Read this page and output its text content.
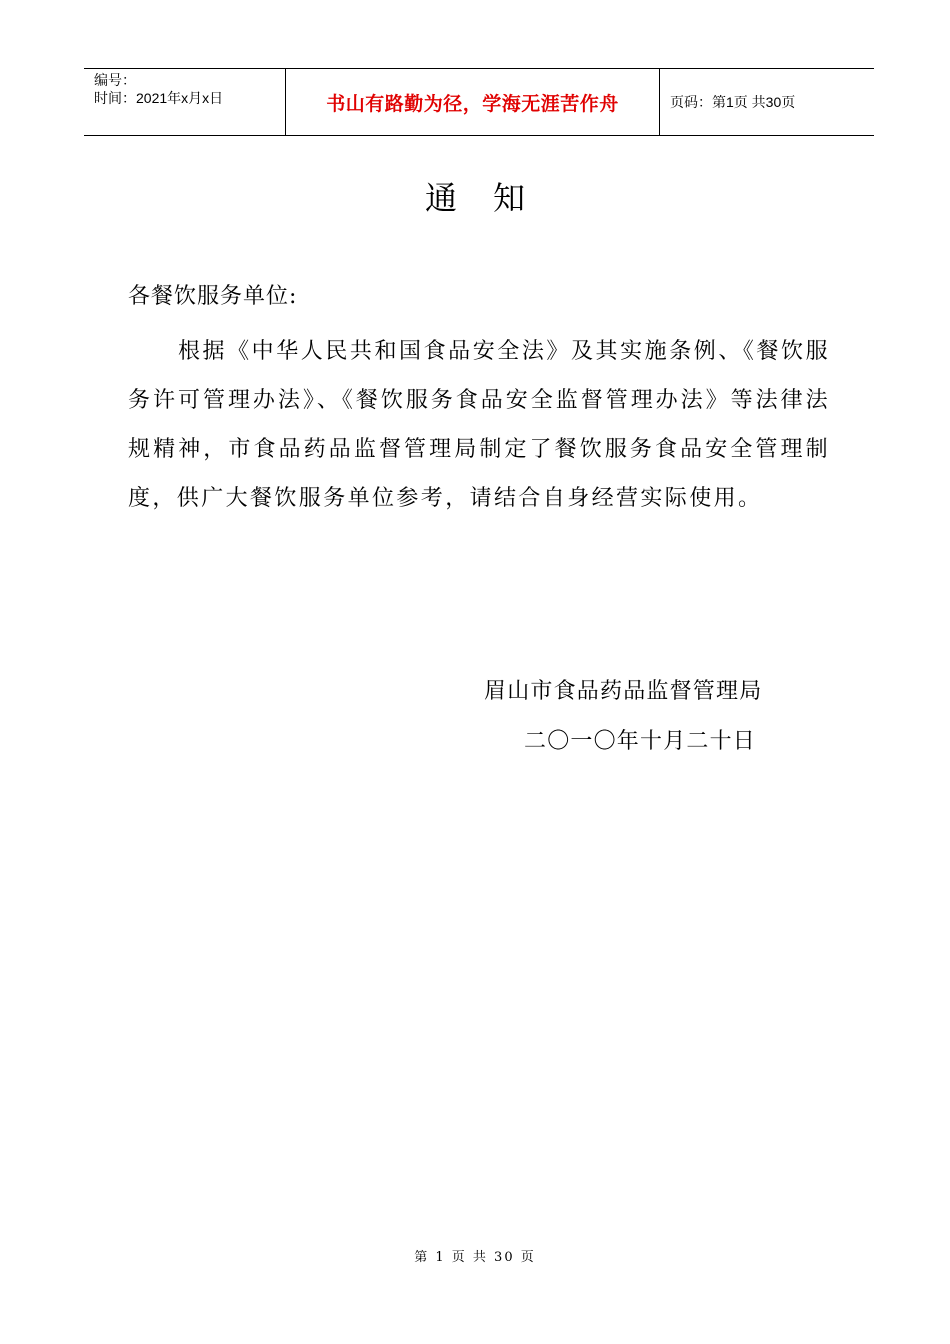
编号：
时间：2021年x月x日	书山有路勤为径，学海无涯苦作舟	页码：第1页 共30页
通知
各餐饮服务单位:
根据《中华人民共和国食品安全法》及其实施条例、《餐饮服务许可管理办法》、《餐饮服务食品安全监督管理办法》等法律法规精神，市食品药品监督管理局制定了餐饮服务食品安全管理制度，供广大餐饮服务单位参考，请结合自身经营实际使用。
眉山市食品药品监督管理局
二〇一〇年十月二十日
第 1 页 共 30 页
